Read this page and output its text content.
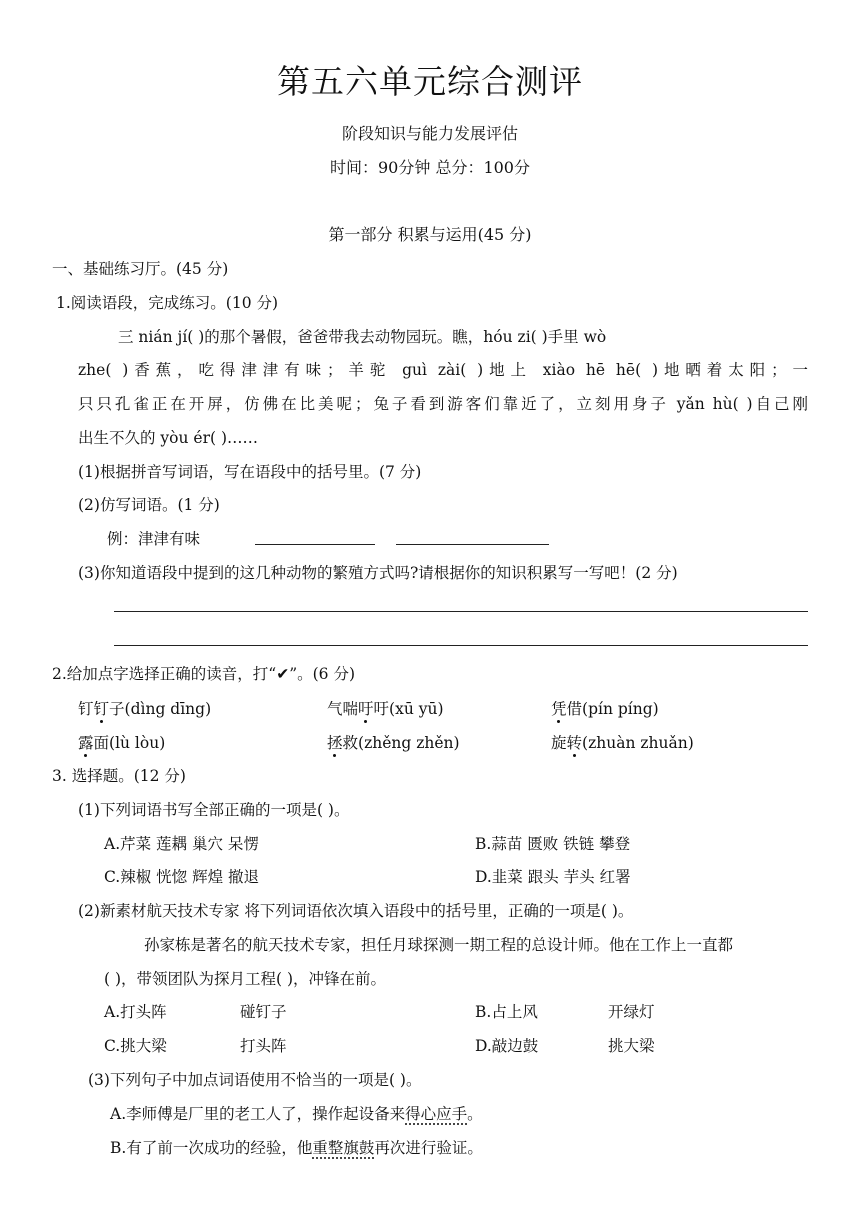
第五六单元综合测评
阶段知识与能力发展评估
时间：90分钟 总分：100分
第一部分 积累与运用(45 分)
一、基础练习厅。(45 分)
1.阅读语段，完成练习。(10 分)
三 nián jí( )的那个暑假，爸爸带我去动物园玩。瞧，hóu zi( )手里 wò
zhe( )香蕉，吃得津津有味；羊驼 guì zài( )地上 xiào hē hē( )地晒着太阳；一
只只孔雀正在开屏，仿佛在比美呢；兔子看到游客们靠近了，立刻用身子 yǎn hù( )自己刚
出生不久的 yòu ér( )……
(1)根据拼音写词语，写在语段中的括号里。(7 分)
(2)仿写词语。(1 分)
例：津津有味
(3)你知道语段中提到的这几种动物的繁殖方式吗?请根据你的知识积累写一写吧！(2 分)
2.给加点字选择正确的读音，打“✔”。(6 分)
钉钉子(dìng dīng)	气喘吁吁(xū yū)	凭借(pín píng)
露面(lù lòu)	拯救(zhěng zhěn)	旋转(zhuàn zhuǎn)
3. 选择题。(12 分)
(1)下列词语书写全部正确的一项是( )。
A.芹菜 莲耦 巢穴 呆愣	B.蒜苗 匮败 铁链 攀登
C.辣椒 恍惚 辉煌 撤退	D.韭菜 跟头 芋头 红署
(2)新素材航天技术专家 将下列词语依次填入语段中的括号里，正确的一项是( )。
孙家栋是著名的航天技术专家，担任月球探测一期工程的总设计师。他在工作上一直都
( )，带领团队为探月工程( )，冲锋在前。
A.打头阵	碰钉子	B.占上风	开绿灯
C.挑大梁	打头阵	D.敲边鼓	挑大梁
(3)下列句子中加点词语使用不恰当的一项是( )。
A.李师傅是厂里的老工人了，操作起设备来得心应手。
B.有了前一次成功的经验，他重整旗鼓再次进行验证。
